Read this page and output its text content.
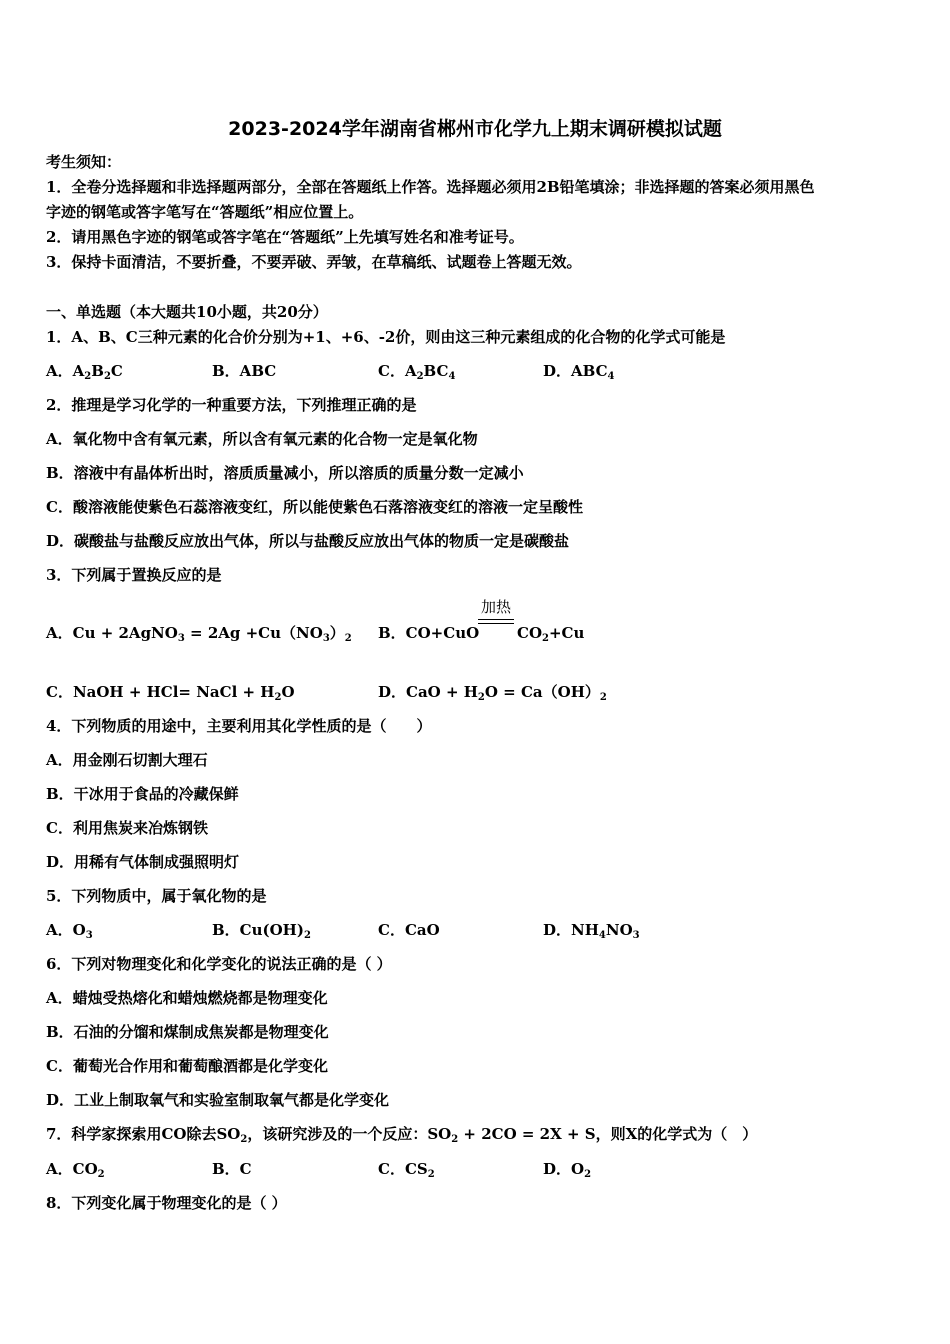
2023-2024学年湖南省郴州市化学九上期末调研模拟试题
考生须知：
1．全卷分选择题和非选择题两部分，全部在答题纸上作答。选择题必须用2B铅笔填涂；非选择题的答案必须用黑色
字迹的钢笔或答字笔写在“答题纸”相应位置上。
2．请用黑色字迹的钢笔或答字笔在“答题纸”上先填写姓名和准考证号。
3．保持卡面清洁，不要折叠，不要弄破、弄皱，在草稿纸、试题卷上答题无效。
一、单选题（本大题共10小题，共20分）
1．A、B、C三种元素的化合价分别为+1、+6、-2价，则由这三种元素组成的化合物的化学式可能是
A．$A_2B_2C$	B．ABC	C．$A_2BC_4$	D．$ABC_4$
2．推理是学习化学的一种重要方法，下列推理正确的是
A．氧化物中含有氧元素，所以含有氧元素的化合物一定是氧化物
B．溶液中有晶体析出时，溶质质量减小，所以溶质的质量分数一定减小
C．酸溶液能使紫色石蕊溶液变红，所以能使紫色石落溶液变红的溶液一定呈酸性
D．碳酸盐与盐酸反应放出气体，所以与盐酸反应放出气体的物质一定是碳酸盐
3．下列属于置换反应的是
A．Cu + 2AgNO$_3$ = $2Ag +Cu(NO_3)_2$ B．CO+CuO
加热
$CO_2+Cu$
C．NaOH + HCl= NaCl + $H_2O$	D．CaO + $H_2O = Ca(OH)_2$
4．下列物质的用途中，主要利用其化学性质的是（　　）
A．用金刚石切割大理石
B．干冰用于食品的冷藏保鲜
C．利用焦炭来冶炼钢铁
D．用稀有气体制成强照明灯
5．下列物质中，属于氧化物的是
A．$O_3$	B．$Cu(OH)_2$	C．CaO	D．$NH_4NO_3$
6．下列对物理变化和化学变化的说法正确的是（ ）
A．蜡烛受热熔化和蜡烛燃烧都是物理变化
B．石油的分馏和煤制成焦炭都是物理变化
C．葡萄光合作用和葡萄酿酒都是化学变化
D．工业上制取氧气和实验室制取氧气都是化学变化
7．科学家探索用CO除去$SO_2$，该研究涉及的一个反应：$SO_2 + 2CO = 2X + S$，则X的化学式为（　）
A．$CO_2$	B．C	C．$CS_2$	D．$O_2$
8．下列变化属于物理变化的是（ ）
